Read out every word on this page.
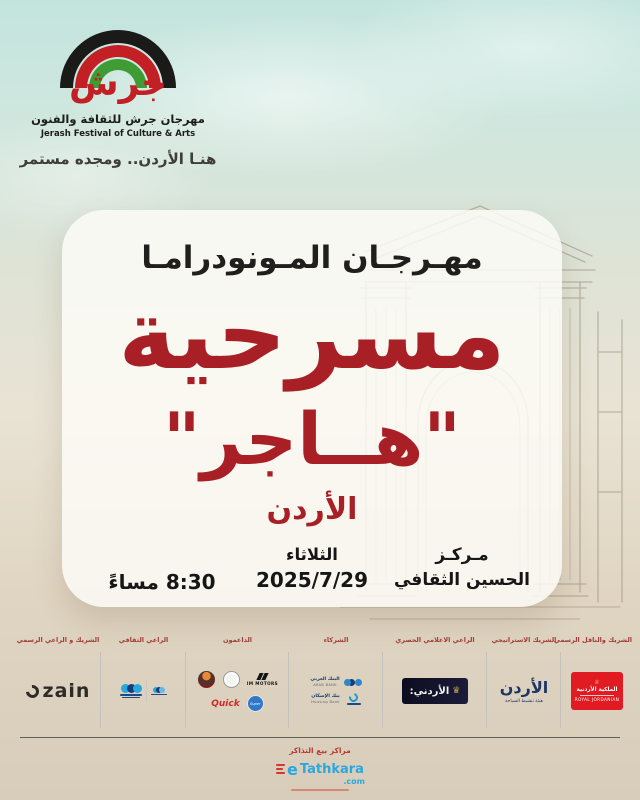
جرش
مهرجان جرش للثقافة والفنون
Jerash Festival of Culture & Arts
هنـا الأردن.. ومجده مستمر
مهـرجـان المـونودرامـا
مسرحية
"هــاجر"
الأردن
مـركـز
الحسين الثقافي
الثلاثاء
2025/7/29
8:30 مساءً
الشريك و الراعي الرسمي
zain
الراعي الثقافي	الداعمون
IM MOTORS
Quick	Super
الشركاء
البنك العربي
ARAB BANK
بنك الإسكان
Housing Bank
الراعي الاعلامي الحصري
♛
الأردني:
الشريك الاستراتيجي
الأردن
هيئة تنشيط السياحة
الشريك والناقل الرسمي
♕
الملكية الأردنية
ROYAL JORDANIAN
مراكز بيع التذاكر
e Tathkara
.com
